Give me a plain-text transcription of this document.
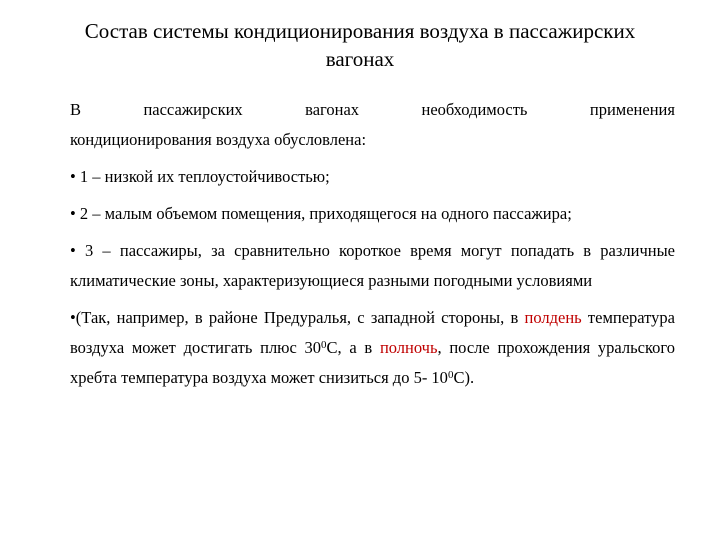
Состав системы кондиционирования воздуха в пассажирских
вагонах
В	пассажирских	вагонах	необходимость	применения

кондиционирования воздуха обусловлена:

• 1 – низкой их теплоустойчивостью;

• 2 – малым объемом помещения, приходящегося на одного пассажира;

• 3 – пассажиры, за сравнительно короткое время могут попадать в различные климатические зоны, характеризующиеся разными погодными условиями

•(Так, например, в районе Предуралья, с западной стороны, в полдень температура воздуха может достигать плюс $30^0С$, а в полночь, после прохождения уральского хребта температура воздуха может снизиться до 5- $10^0С$).
